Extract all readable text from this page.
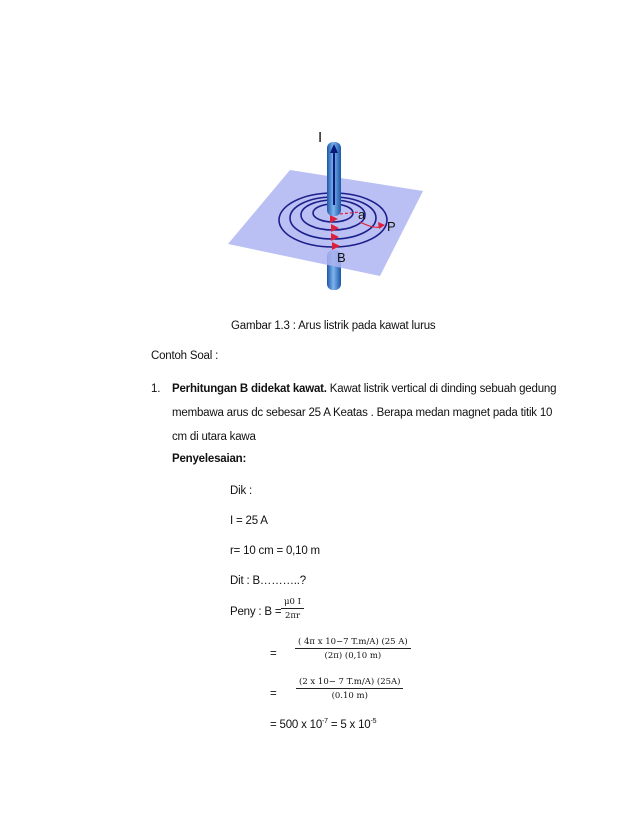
I
a
P
B
Gambar 1.3 : Arus listrik pada kawat lurus
Contoh Soal :
1. Perhitungan B didekat kawat. Kawat listrik vertical di dinding sebuah gedung
membawa arus dc sebesar 25 A Keatas . Berapa medan magnet pada titik 10
cm di utara kawa
Penyelesaian:
Dik :
I = 25 A
r= 10 cm = 0,10 m
Dit : B………..?
Peny : $B = \frac{\mu 0 I}{2\pi r}$
= $\frac{\text{( 4π x 10−7 T.m/A) (25 A)}}{(2\pi) (0,10 m)}$
= $\frac{(2 x 10- 7 T.m/A) (25A)}{(0.10 m)}$
= 500 x $10^{-7} = 5$ x $10^{-5}$
